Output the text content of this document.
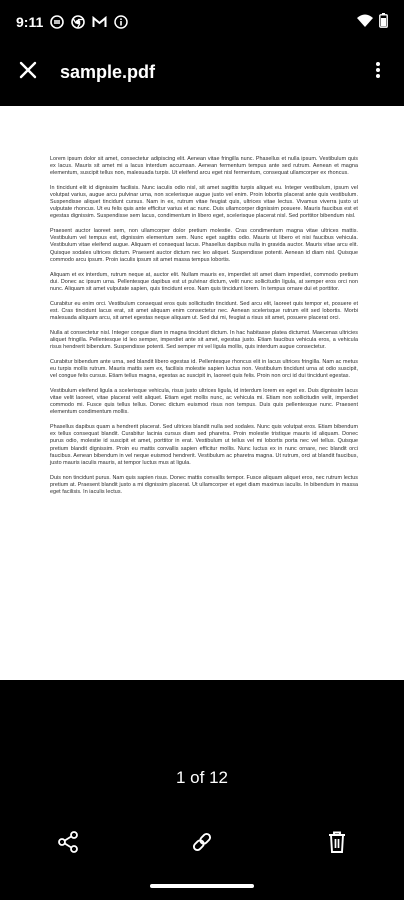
9:11
sample.pdf

Lorem ipsum dolor sit amet, consectetur adipiscing elit. Aenean vitae fringilla nunc. Phasellus et nulla ipsum. Vestibulum quis ex lacus. Mauris sit amet mi a lacus interdum accumsan. Aenean fermentum tempus ante sed rutrum. Aenean et magna elementum, suscipit tellus non, malesuada turpis. Ut eleifend arcu eget nisl fermentum, consequat ullamcorper ex rhoncus.

In tincidunt elit id dignissim facilisis. Nunc iaculis odio nisl, sit amet sagittis turpis aliquet eu. Integer vestibulum, ipsum vel volutpat varius, augue arcu pulvinar urna, non scelerisque augue justo vel enim. Proin lobortis placerat ante quis vestibulum. Suspendisse aliquet tincidunt cursus. Nam in ex, rutrum vitae feugiat quis, ultrices vitae lectus. Vivamus viverra justo ut vulputate rhoncus. Ut eu felis quis ante efficitur varius et ac nunc. Duis ullamcorper dignissim posuere. Mauris faucibus est et egestas dignissim. Suspendisse sem lacus, condimentum in libero eget, scelerisque placerat nisl. Sed porttitor bibendum nisl.

Praesent auctor laoreet sem, non ullamcorper dolor pretium molestie. Cras condimentum magna vitae ultrices mattis. Vestibulum vel tempus est, dignissim elementum sem. Nunc eget sagittis odio. Mauris ut libero et nisi faucibus vehicula. Vestibulum vitae eleifend augue. Aliquam et consequat lacus. Phasellus dapibus nulla in gravida auctor. Mauris vitae arcu elit. Quisque sodales ultrices dictum. Praesent auctor dictum nec leo aliquet. Suspendisse potenti. Aenean id diam nisl. Quisque commodo arcu ipsum. Proin iaculis ipsum sit amet massa tempus lobortis.

Aliquam et ex interdum, rutrum neque at, auctor elit. Nullam mauris ex, imperdiet sit amet diam imperdiet, commodo pretium dui. Donec ac ipsum urna. Pellentesque dapibus est ut pulvinar dictum, velit nunc sollicitudin ligula, at semper eros orci non nunc. Aliquam sit amet vulputate sapien, quis tincidunt eros. Nam quis tincidunt lorem. In tempus ornare dui et porttitor.

Curabitur eu enim orci. Vestibulum consequat eros quis sollicitudin tincidunt. Sed arcu elit, laoreet quis tempor et, posuere et est. Cras tincidunt lacus erat, sit amet aliquam enim consectetur nec. Aenean scelerisque rutrum elit sed lobortis. Morbi malesuada aliquam arcu, sit amet egestas neque aliquam ut. Sed dui mi, feugiat a risus sit amet, posuere placerat orci.

Nulla at consectetur nisl. Integer congue diam in magna tincidunt dictum. In hac habitasse platea dictumst. Maecenas ultricies aliquet fringilla. Pellentesque id leo semper, imperdiet ante sit amet, egestas justo. Etiam faucibus vehicula eros, a vehicula risus hendrerit bibendum. Suspendisse potenti. Sed semper mi vel ligula mollis, quis interdum augue consectetur.

Curabitur bibendum ante urna, sed blandit libero egestas id. Pellentesque rhoncus elit in lacus ultrices fringilla. Nam ac metus eu turpis mollis rutrum. Mauris mattis sem ex, facilisis molestie sapien luctus non. Vestibulum tincidunt urna at odio suscipit, vel congue felis cursus. Etiam tellus magna, egestas ac suscipit in, laoreet quis felis. Proin non orci id dui tincidunt egestas.

Vestibulum eleifend ligula a scelerisque vehicula, risus justo ultrices ligula, id interdum lorem ex eget ex. Duis dignissim lacus vitae velit laoreet, vitae placerat velit aliquet. Etiam eget mollis nunc, ac vehicula mi. Etiam non sollicitudin velit, imperdiet commodo mi. Fusce quis tellus tellus. Donec dictum euismod risus non tempus. Duis quis pellentesque nunc. Praesent elementum condimentum mollis.

Phasellus dapibus quam a hendrerit placerat. Sed ultrices blandit nulla sed sodales. Nunc quis volutpat eros. Etiam bibendum ex tellus consequat blandit. Curabitur lacinia cursus diam sed pharetra. Proin molestie tristique mauris id aliquam. Donec purus odio, molestie id suscipit et amet, porttitor in erat. Vestibulum ut tellus vel mi lobortis porta nec vel tellus. Quisque pretium blandit dignissim. Proin eu mattis convallis sapien efficitur mollis. Nunc luctus ex in nunc ornare, nec blandit orci faucibus. Aenean bibendum in vel neque euismod hendrerit. Vestibulum ac pharetra magna. Ut rutrum, orci at blandit faucibus, justo mauris iaculis mauris, at tempor luctus mus at ligula.

Duis non tincidunt purus. Nam quis sapien risus. Donec mattis convallis tempor. Fusce aliquam aliquet eros, nec rutrum lectus pretium at. Praesent blandit justo a mi dignissim placerat. Ut ullamcorper et eget diam maximus iaculis. In bibendum in massa eget facilisis. In iaculis lectus.

1 of 12
